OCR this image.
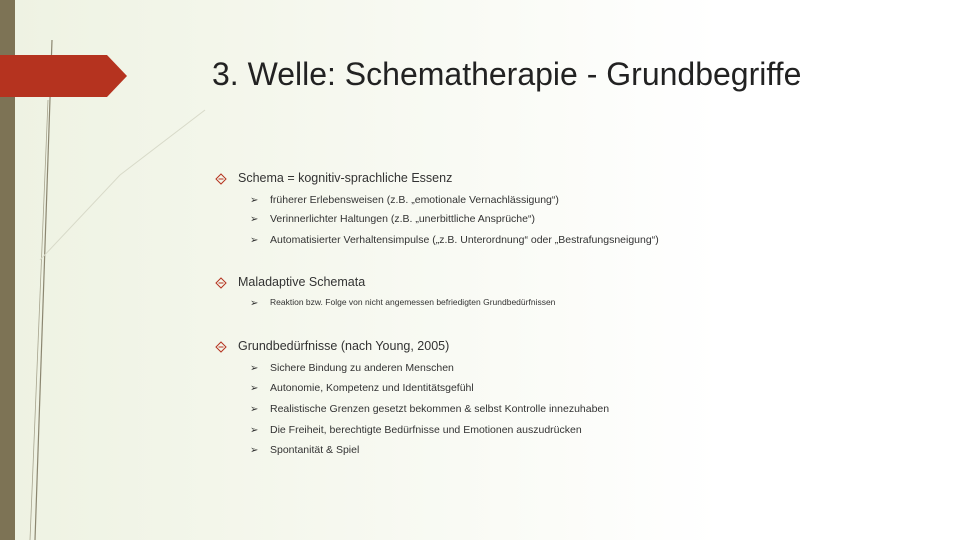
3. Welle: Schematherapie - Grundbegriffe
Schema = kognitiv-sprachliche Essenz
➢ früherer Erlebensweisen (z.B. „emotionale Vernachlässigung“)
➢ Verinnerlichter Haltungen (z.B. „unerbittliche Ansprüche“)
➢ Automatisierter Verhaltensimpulse („z.B. Unterordnung“ oder „Bestrafungsneigung“)
Maladaptive Schemata
➢ Reaktion bzw. Folge von nicht angemessen befriedigten Grundbedürfnissen
Grundbedürfnisse (nach Young, 2005)
➢ Sichere Bindung zu anderen Menschen
➢ Autonomie, Kompetenz und Identitätsgefühl
➢ Realistische Grenzen gesetzt bekommen & selbst Kontrolle innezuhaben
➢ Die Freiheit, berechtigte Bedürfnisse und Emotionen auszudrücken
➢ Spontanität & Spiel
